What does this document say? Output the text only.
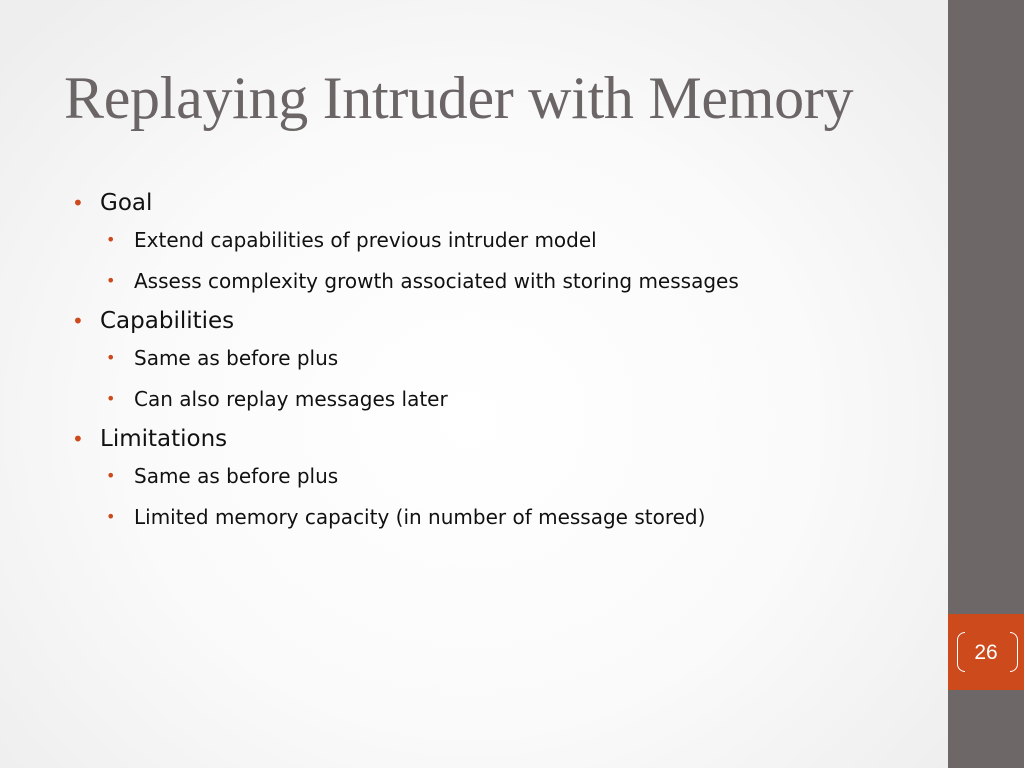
26
Replaying Intruder with Memory
• Goal
• Extend capabilities of previous intruder model
• Assess complexity growth associated with storing messages
• Capabilities
• Same as before plus
• Can also replay messages later
• Limitations
• Same as before plus
• Limited memory capacity (in number of message stored)
